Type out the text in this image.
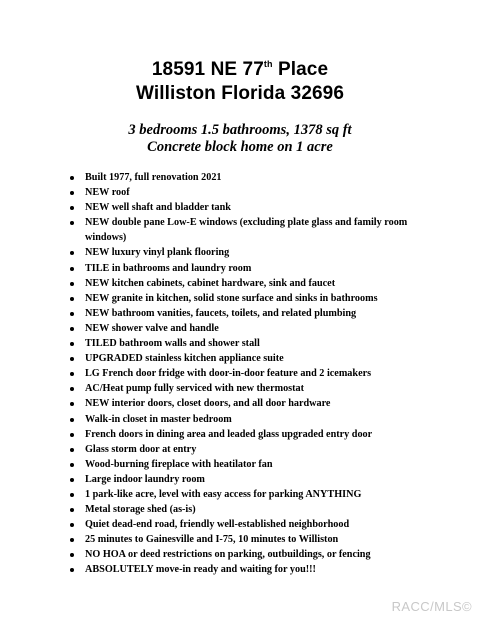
18591 NE 77th Place
Williston Florida 32696
3 bedrooms 1.5 bathrooms, 1378 sq ft
Concrete block home on 1 acre
Built 1977, full renovation 2021
NEW roof
NEW well shaft and bladder tank
NEW double pane Low-E windows (excluding plate glass and family room windows)
NEW luxury vinyl plank flooring
TILE in bathrooms and laundry room
NEW kitchen cabinets, cabinet hardware, sink and faucet
NEW granite in kitchen, solid stone surface and sinks in bathrooms
NEW bathroom vanities, faucets, toilets, and related plumbing
NEW shower valve and handle
TILED bathroom walls and shower stall
UPGRADED stainless kitchen appliance suite
LG French door fridge with door-in-door feature and 2 icemakers
AC/Heat pump fully serviced with new thermostat
NEW interior doors, closet doors, and all door hardware
Walk-in closet in master bedroom
French doors in dining area and leaded glass upgraded entry door
Glass storm door at entry
Wood-burning fireplace with heatilator fan
Large indoor laundry room
1 park-like acre, level with easy access for parking ANYTHING
Metal storage shed (as-is)
Quiet dead-end road, friendly well-established neighborhood
25 minutes to Gainesville and I-75, 10 minutes to Williston
NO HOA or deed restrictions on parking, outbuildings, or fencing
ABSOLUTELY move-in ready and waiting for you!!!
RACC/MLS©
